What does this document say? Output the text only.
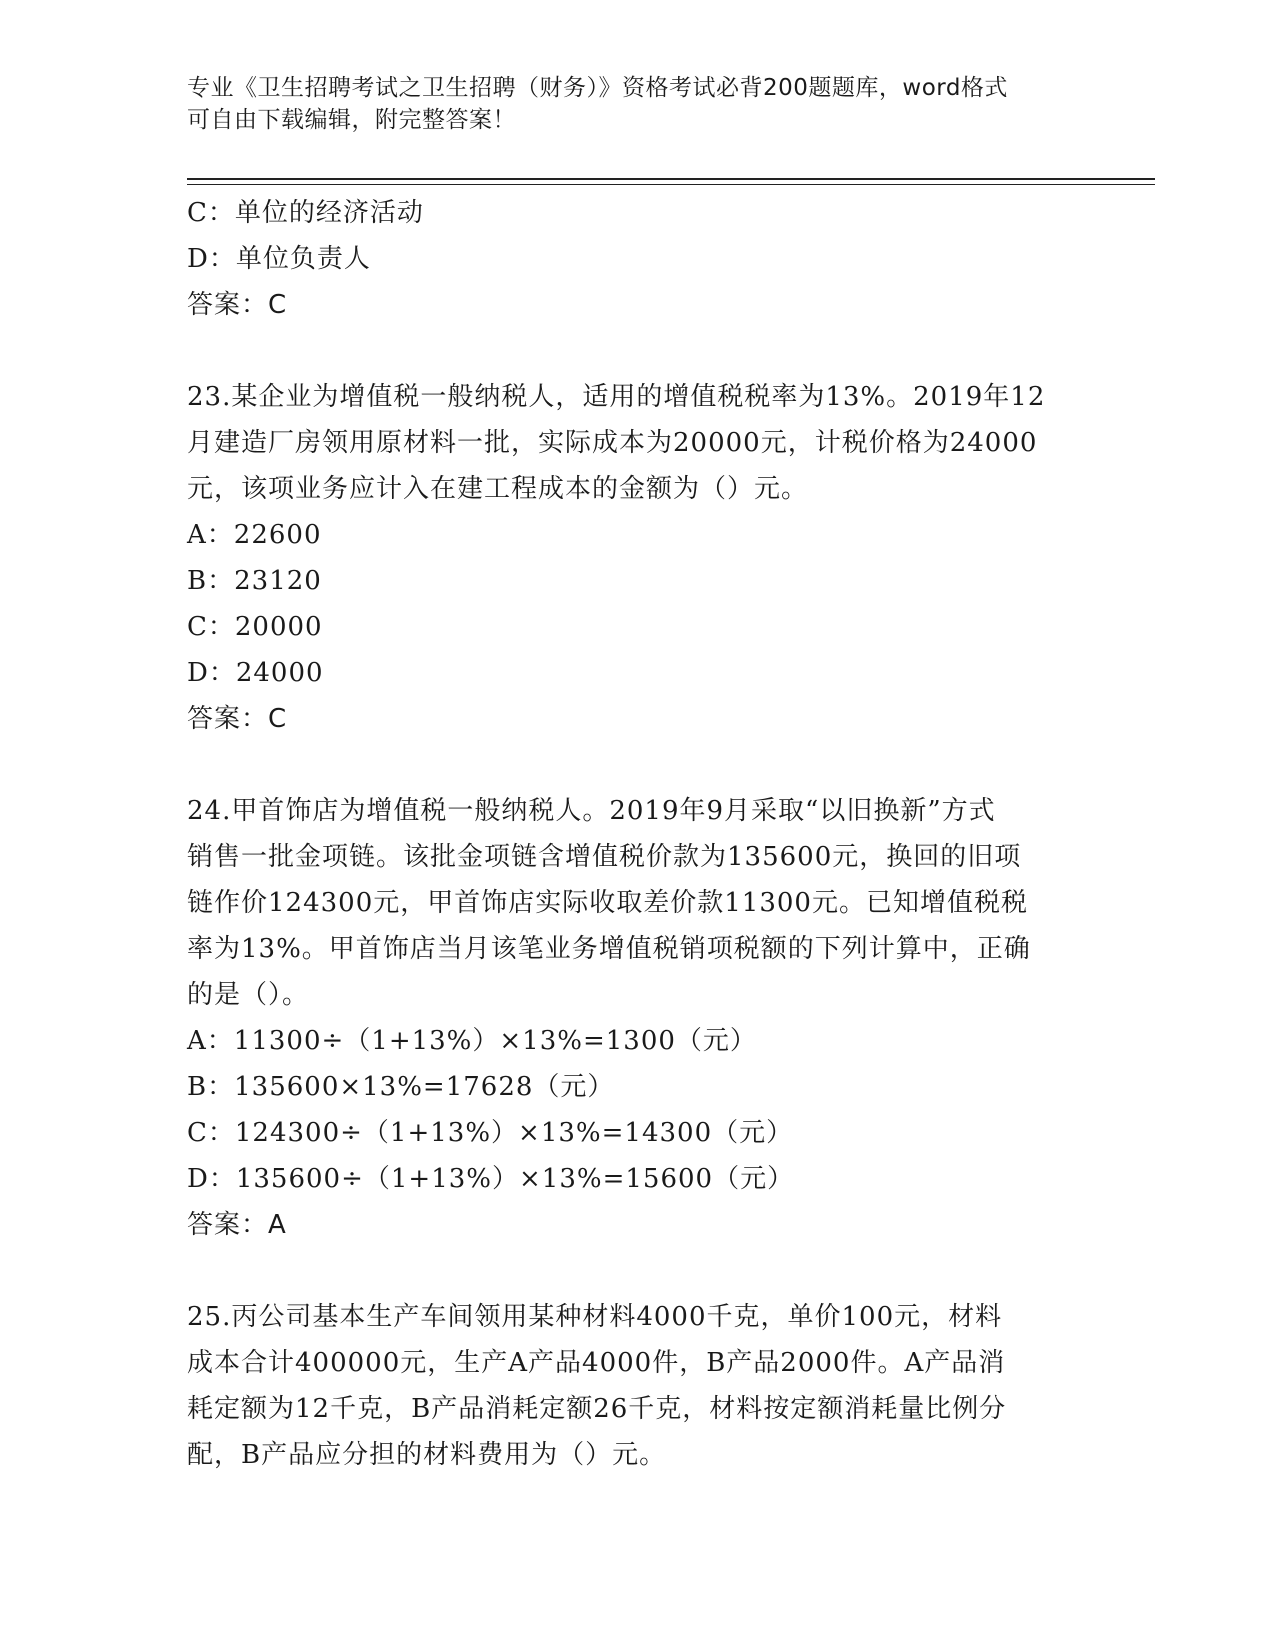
专业《卫生招聘考试之卫生招聘（财务）》资格考试必背200题题库，word格式
可自由下载编辑，附完整答案！
C：单位的经济活动
D：单位负责人
答案：C
23.某企业为增值税一般纳税人，适用的增值税税率为13%。2019年12
月建造厂房领用原材料一批，实际成本为20000元，计税价格为24000
元，该项业务应计入在建工程成本的金额为（）元。
A：22600
B：23120
C：20000
D：24000
答案：C
24.甲首饰店为增值税一般纳税人。2019年9月采取“以旧换新”方式
销售一批金项链。该批金项链含增值税价款为135600元，换回的旧项
链作价124300元，甲首饰店实际收取差价款11300元。已知增值税税
率为13%。甲首饰店当月该笔业务增值税销项税额的下列计算中，正确
的是（）。
A：11300÷（1+13%）×13%=1300（元）
B：135600×13%=17628（元）
C：124300÷（1+13%）×13%=14300（元）
D：135600÷（1+13%）×13%=15600（元）
答案：A
25.丙公司基本生产车间领用某种材料4000千克，单价100元，材料
成本合计400000元，生产A产品4000件，B产品2000件。A产品消
耗定额为12千克，B产品消耗定额26千克，材料按定额消耗量比例分
配，B产品应分担的材料费用为（）元。
